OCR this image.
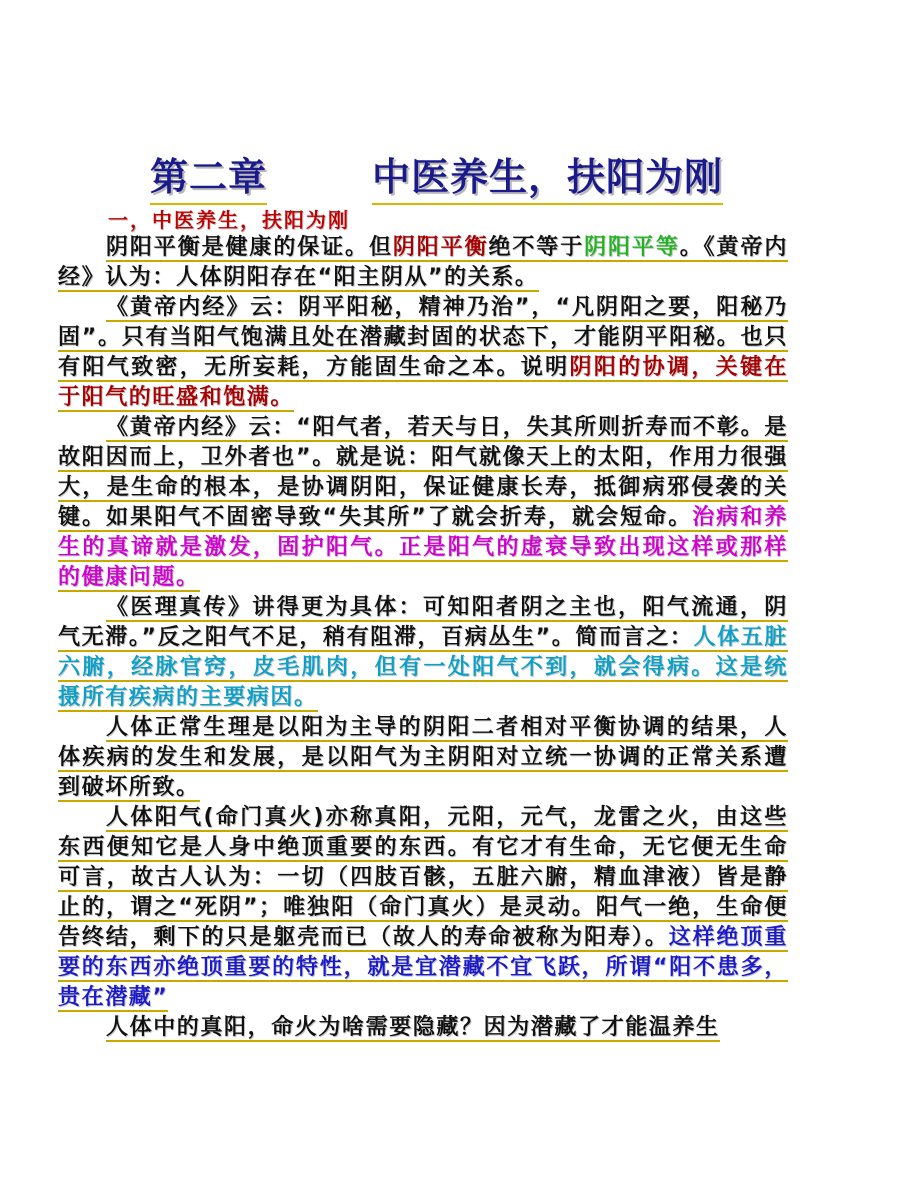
第二章	中医养生，扶阳为刚
一，中医养生，扶阳为刚

阴阳平衡是健康的保证。但阴阳平衡绝不等于阴阳平等。《黄帝内经》认为：人体阴阳存在“阳主阴从”的关系。

《黄帝内经》云：阴平阳秘，精神乃治”，“凡阴阳之要，阳秘乃固”。只有当阳气饱满且处在潜藏封固的状态下，才能阴平阳秘。也只有阳气致密，无所妄耗，方能固生命之本。说明阴阳的协调，关键在于阳气的旺盛和饱满。

《黄帝内经》云：“阳气者，若天与日，失其所则折寿而不彰。是故阳因而上，卫外者也”。就是说：阳气就像天上的太阳，作用力很强大，是生命的根本，是协调阴阳，保证健康长寿，抵御病邪侵袭的关键。如果阳气不固密导致“失其所”了就会折寿，就会短命。治病和养生的真谛就是激发，固护阳气。正是阳气的虚衰导致出现这样或那样的健康问题。

《医理真传》讲得更为具体：可知阳者阴之主也，阳气流通，阴气无滞。”反之阳气不足，稍有阻滞，百病丛生”。简而言之：人体五脏六腑，经脉官窍，皮毛肌肉，但有一处阳气不到，就会得病。这是统摄所有疾病的主要病因。

人体正常生理是以阳为主导的阴阳二者相对平衡协调的结果，人体疾病的发生和发展，是以阳气为主阴阳对立统一协调的正常关系遭到破坏所致。

人体阳气(命门真火)亦称真阳，元阳，元气，龙雷之火，由这些东西便知它是人身中绝顶重要的东西。有它才有生命，无它便无生命可言，故古人认为：一切（四肢百骸，五脏六腑，精血津液）皆是静止的，谓之“死阴”；唯独阳（命门真火）是灵动。阳气一绝，生命便告终结，剩下的只是躯壳而已（故人的寿命被称为阳寿）。这样绝顶重要的东西亦绝顶重要的特性，就是宜潜藏不宜飞跃，所谓“阳不患多，贵在潜藏”

人体中的真阳，命火为啥需要隐藏？因为潜藏了才能温养生
